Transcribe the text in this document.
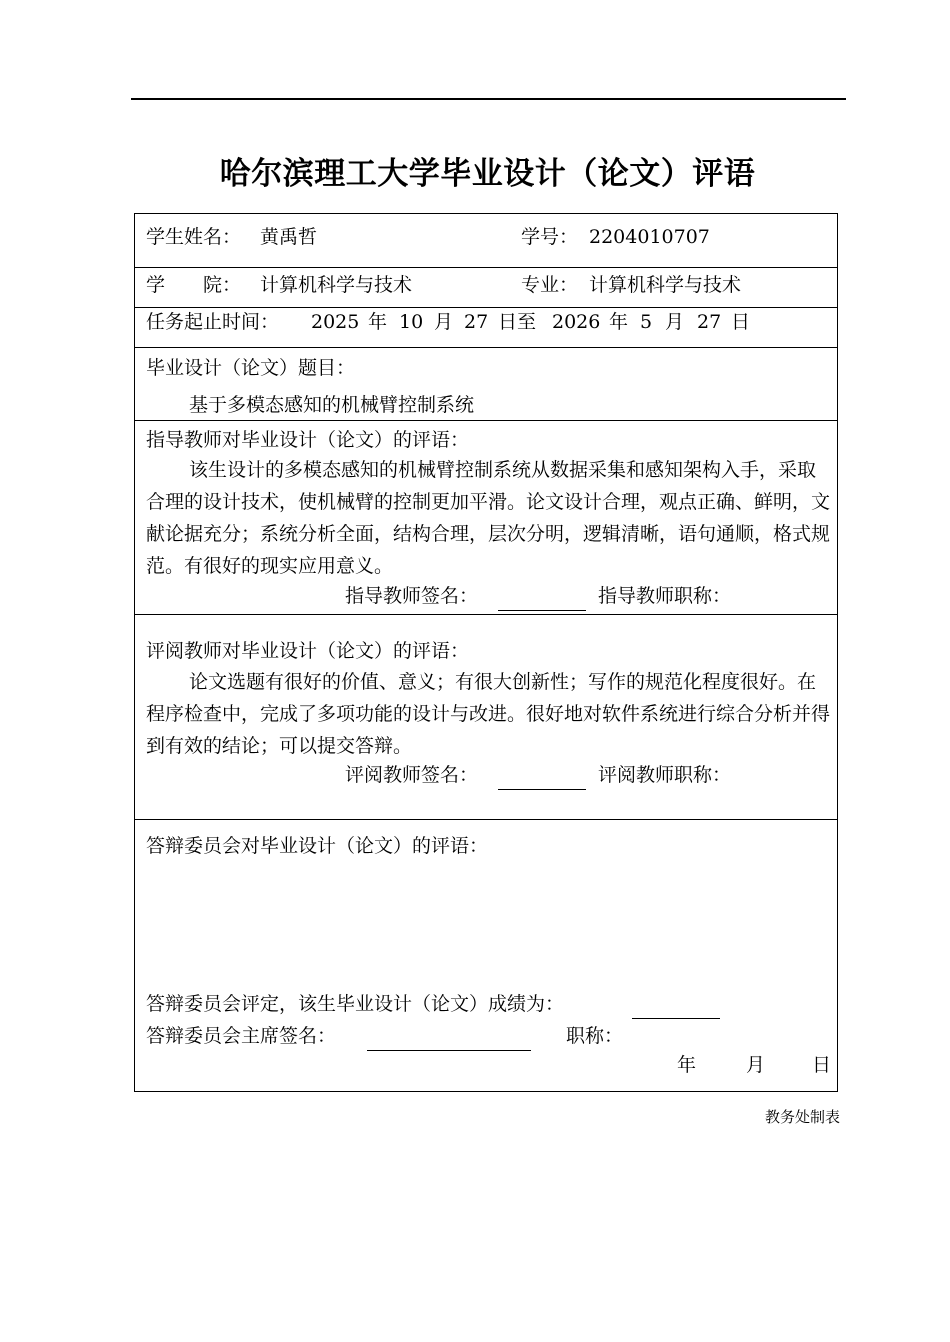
哈尔滨理工大学毕业设计（论文）评语
学生姓名： 黄禹哲	学号： 2204010707
学　　院： 计算机科学与技术	专业： 计算机科学与技术
任务起止时间： 2025 年 10 月 27 日至 2026 年 5 月 27 日
毕业设计（论文）题目：
基于多模态感知的机械臂控制系统
指导教师对毕业设计（论文）的评语：
该生设计的多模态感知的机械臂控制系统从数据采集和感知架构入手，采取合理的设计技术，使机械臂的控制更加平滑。论文设计合理，观点正确、鲜明，文献论据充分；系统分析全面，结构合理，层次分明，逻辑清晰，语句通顺，格式规范。有很好的现实应用意义。
指导教师签名：	指导教师职称：
评阅教师对毕业设计（论文）的评语：
论文选题有很好的价值、意义；有很大创新性；写作的规范化程度很好。在程序检查中，完成了多项功能的设计与改进。很好地对软件系统进行综合分析并得到有效的结论；可以提交答辩。
评阅教师签名：	评阅教师职称：
答辩委员会对毕业设计（论文）的评语：
答辩委员会评定，该生毕业设计（论文）成绩为：
答辩委员会主席签名：	职称：
年	月 日
教务处制表
